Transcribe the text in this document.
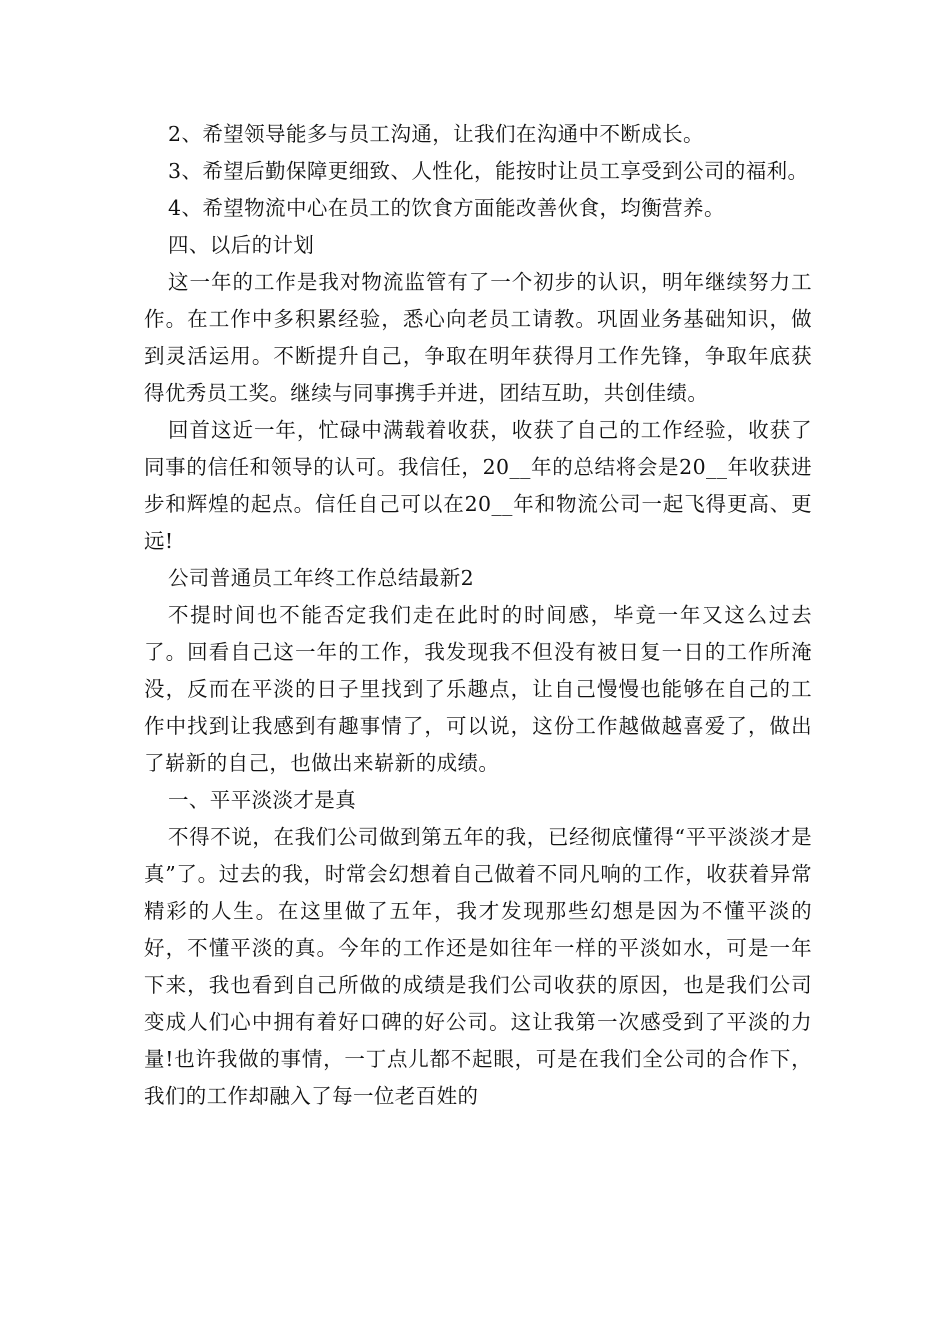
2、希望领导能多与员工沟通，让我们在沟通中不断成长。

3、希望后勤保障更细致、人性化，能按时让员工享受到公司的福利。

4、希望物流中心在员工的饮食方面能改善伙食，均衡营养。

四、以后的计划

这一年的工作是我对物流监管有了一个初步的认识，明年继续努力工作。在工作中多积累经验，悉心向老员工请教。巩固业务基础知识，做到灵活运用。不断提升自己，争取在明年获得月工作先锋，争取年底获得优秀员工奖。继续与同事携手并进，团结互助，共创佳绩。

回首这近一年，忙碌中满载着收获，收获了自己的工作经验，收获了同事的信任和领导的认可。我信任，20__年的总结将会是20__年收获进步和辉煌的起点。信任自己可以在20__年和物流公司一起飞得更高、更远!

公司普通员工年终工作总结最新2

不提时间也不能否定我们走在此时的时间感，毕竟一年又这么过去了。回看自己这一年的工作，我发现我不但没有被日复一日的工作所淹没，反而在平淡的日子里找到了乐趣点，让自己慢慢也能够在自己的工作中找到让我感到有趣事情了，可以说，这份工作越做越喜爱了，做出了崭新的自己，也做出来崭新的成绩。

一、平平淡淡才是真

不得不说，在我们公司做到第五年的我，已经彻底懂得“平平淡淡才是真”了。过去的我，时常会幻想着自己做着不同凡响的工作，收获着异常精彩的人生。在这里做了五年，我才发现那些幻想是因为不懂平淡的好，不懂平淡的真。今年的工作还是如往年一样的平淡如水，可是一年下来，我也看到自己所做的成绩是我们公司收获的原因，也是我们公司变成人们心中拥有着好口碑的好公司。这让我第一次感受到了平淡的力量!也许我做的事情，一丁点儿都不起眼，可是在我们全公司的合作下，我们的工作却融入了每一位老百姓的
